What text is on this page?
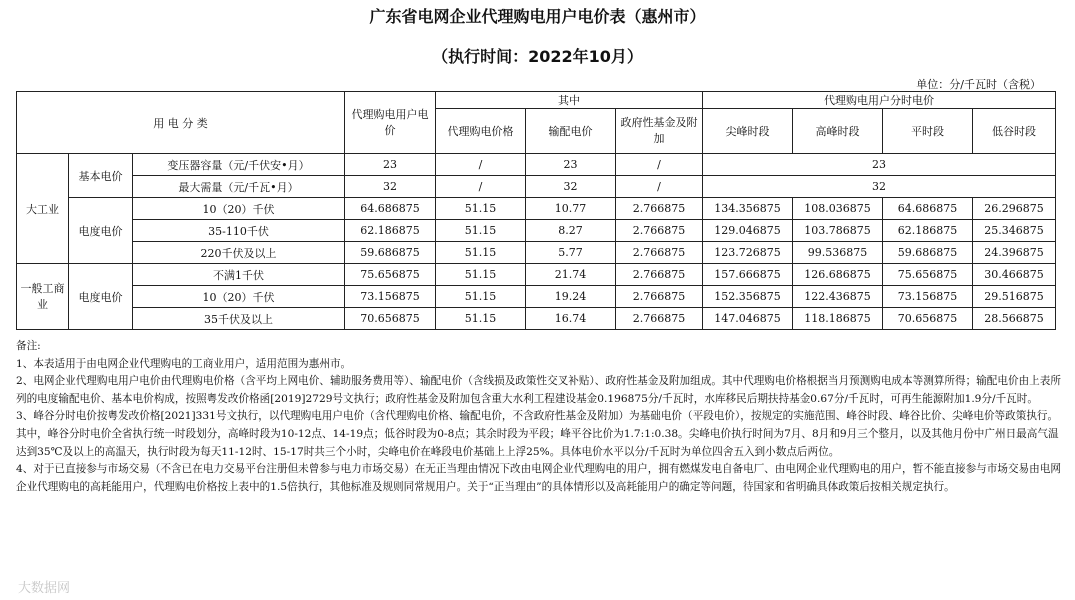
广东省电网企业代理购电用户电价表（惠州市）
（执行时间：2022年10月）
单位：分/千瓦时（含税）
用 电 分 类			代理购电用户电价	其中			代理购电用户分时电价			
				代理购电价格	输配电价	政府性基金及附加	尖峰时段	高峰时段	平时段	低谷时段
大工业	基本电价	变压器容量（元/千伏安•月）	23	/	23	/	23			
		最大需量（元/千瓦•月）	32	/	32	/	32			
	电度电价	10（20）千伏	64.686875	51.15	10.77	2.766875	134.356875	108.036875	64.686875	26.296875
		35-110千伏	62.186875	51.15	8.27	2.766875	129.046875	103.786875	62.186875	25.346875
		220千伏及以上	59.686875	51.15	5.77	2.766875	123.726875	99.536875	59.686875	24.396875
一般工商业	电度电价	不满1千伏	75.656875	51.15	21.74	2.766875	157.666875	126.686875	75.656875	30.466875
		10（20）千伏	73.156875	51.15	19.24	2.766875	152.356875	122.436875	73.156875	29.516875
		35千伏及以上	70.656875	51.15	16.74	2.766875	147.046875	118.186875	70.656875	28.566875

备注:

1、本表适用于由电网企业代理购电的工商业用户，适用范围为惠州市。

2、电网企业代理购电用户电价由代理购电价格（含平均上网电价、辅助服务费用等）、输配电价（含线损及政策性交叉补贴）、政府性基金及附加组成。其中代理购电价格根据当月预测购电成本等测算所得；输配电价由上表所列的电度输配电价、基本电价构成，按照粤发改价格函[2019]2729号文执行；政府性基金及附加包含重大水利工程建设基金0.196875分/千瓦时，水库移民后期扶持基金0.67分/千瓦时，可再生能源附加1.9分/千瓦时。

3、峰谷分时电价按粤发改价格[2021]331号文执行，以代理购电用户电价（含代理购电价格、输配电价，不含政府性基金及附加）为基础电价（平段电价），按规定的实施范围、峰谷时段、峰谷比价、尖峰电价等政策执行。其中，峰谷分时电价全省执行统一时段划分，高峰时段为10-12点、14-19点；低谷时段为0-8点；其余时段为平段；峰平谷比价为1.7:1:0.38。尖峰电价执行时间为7月、8月和9月三个整月，以及其他月份中广州日最高气温达到35℃及以上的高温天，执行时段为每天11-12时、15-17时共三个小时，尖峰电价在峰段电价基础上上浮25%。具体电价水平以分/千瓦时为单位四舍五入到小数点后两位。

4、对于已直接参与市场交易（不含已在电力交易平台注册但未曾参与电力市场交易）在无正当理由情况下改由电网企业代理购电的用户，拥有燃煤发电自备电厂、由电网企业代理购电的用户，暂不能直接参与市场交易由电网企业代理购电的高耗能用户，代理购电价格按上表中的1.5倍执行，其他标准及规则同常规用户。关于“正当理由”的具体情形以及高耗能用户的确定等问题，待国家和省明确具体政策后按相关规定执行。

大数据网
